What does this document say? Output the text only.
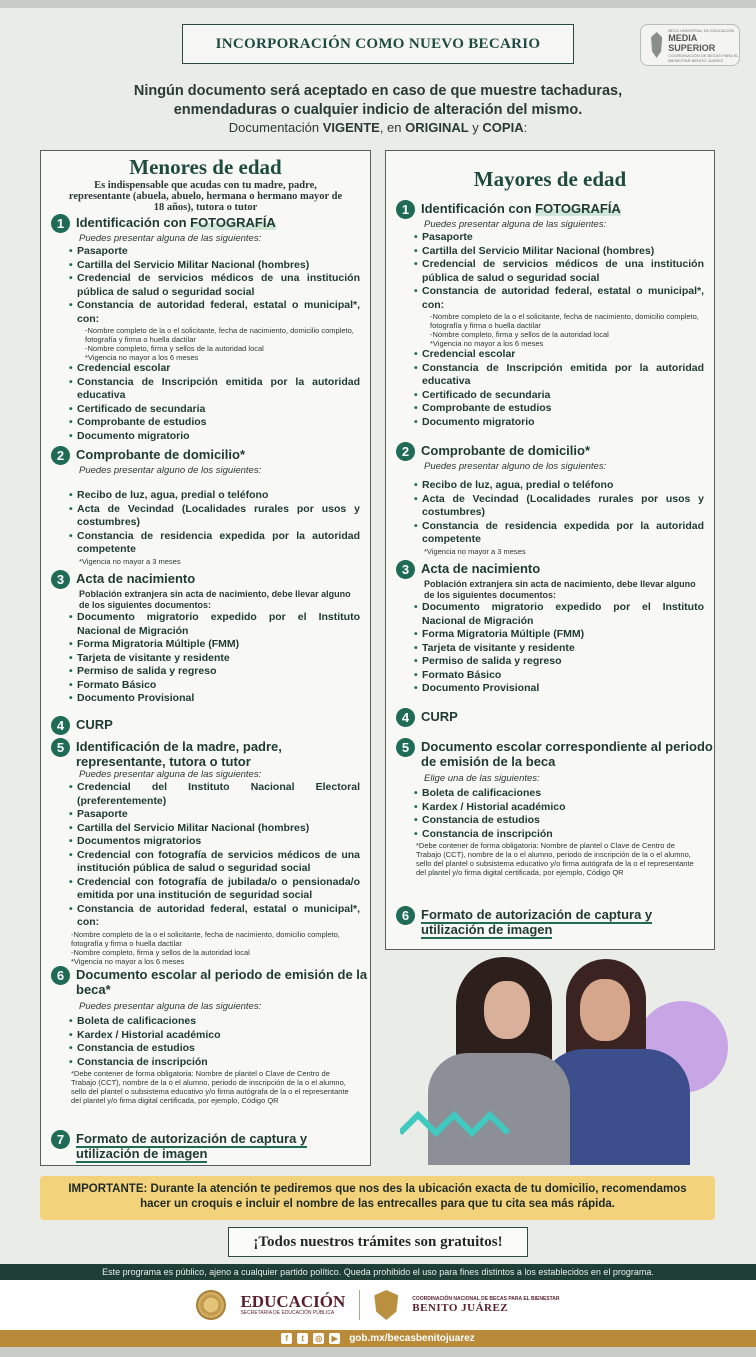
INCORPORACIÓN COMO NUEVO BECARIO
BECA UNIVERSAL DE EDUCACIÓN
MEDIA
SUPERIOR
COORDINACIÓN DE BECAS PARA EL BIENESTAR BENITO JUÁREZ
Ningún documento será aceptado en caso de que muestre tachaduras,
enmendaduras o cualquier indicio de alteración del mismo.
Documentación VIGENTE, en ORIGINAL y COPIA:
Menores de edad
Es indispensable que acudas con tu madre, padre, representante (abuela, abuelo, hermana o hermano mayor de 18 años), tutora o tutor
1 Identificación con FOTOGRAFÍA
Puedes presentar alguna de las siguientes:
• Pasaporte
• Cartilla del Servicio Militar Nacional (hombres)
• Credencial de servicios médicos de una institución pública de salud o seguridad social
• Constancia de autoridad federal, estatal o municipal*, con:
-Nombre completo de la o el solicitante, fecha de nacimiento, domicilio completo, fotografía y firma o huella dactilar
-Nombre completo, firma y sellos de la autoridad local
*Vigencia no mayor a los 6 meses
• Credencial escolar
• Constancia de Inscripción emitida por la autoridad educativa
• Certificado de secundaria
• Comprobante de estudios
• Documento migratorio
2 Comprobante de domicilio*
Puedes presentar alguno de los siguientes:
• Recibo de luz, agua, predial o teléfono
• Acta de Vecindad (Localidades rurales por usos y costumbres)
• Constancia de residencia expedida por la autoridad competente
*Vigencia no mayor a 3 meses
3 Acta de nacimiento
Población extranjera sin acta de nacimiento, debe llevar alguno de los siguientes documentos:
• Documento migratorio expedido por el Instituto Nacional de Migración
• Forma Migratoria Múltiple (FMM)
• Tarjeta de visitante y residente
• Permiso de salida y regreso
• Formato Básico
• Documento Provisional
4 CURP
5 Identificación de la madre, padre, representante, tutora o tutor
Puedes presentar alguna de las siguientes:
• Credencial del Instituto Nacional Electoral (preferentemente)
• Pasaporte
• Cartilla del Servicio Militar Nacional (hombres)
• Documentos migratorios
• Credencial con fotografía de servicios médicos de una institución pública de salud o seguridad social
• Credencial con fotografía de jubilada/o o pensionada/o emitida por una institución de seguridad social
• Constancia de autoridad federal, estatal o municipal*, con:
-Nombre completo de la o el solicitante, fecha de nacimiento, domicilio completo, fotografía y firma o huella dactilar
-Nombre completo, firma y sellos de la autoridad local
*Vigencia no mayor a los 6 meses
6 Documento escolar al periodo de emisión de la beca*
Puedes presentar alguna de las siguientes:
• Boleta de calificaciones
• Kardex / Historial académico
• Constancia de estudios
• Constancia de inscripción
*Debe contener de forma obligatoria: Nombre de plantel o Clave de Centro de Trabajo (CCT), nombre de la o el alumno, periodo de inscripción de la o el alumno, sello del plantel o subsistema educativo y/o firma autógrafa de la o el representante del plantel y/o firma digital certificada, por ejemplo, Código QR
7 Formato de autorización de captura y utilización de imagen
Mayores de edad
1 Identificación con FOTOGRAFÍA
Puedes presentar alguna de las siguientes:
• Pasaporte
• Cartilla del Servicio Militar Nacional (hombres)
• Credencial de servicios médicos de una institución pública de salud o seguridad social
• Constancia de autoridad federal, estatal o municipal*, con:
-Nombre completo de la o el solicitante, fecha de nacimiento, domicilio completo, fotografía y firma o huella dactilar
-Nombre completo, firma y sellos de la autoridad local
*Vigencia no mayor a los 6 meses
• Credencial escolar
• Constancia de Inscripción emitida por la autoridad educativa
• Certificado de secundaria
• Comprobante de estudios
• Documento migratorio
2 Comprobante de domicilio*
Puedes presentar alguno de los siguientes:
• Recibo de luz, agua, predial o teléfono
• Acta de Vecindad (Localidades rurales por usos y costumbres)
• Constancia de residencia expedida por la autoridad competente
*Vigencia no mayor a 3 meses
3 Acta de nacimiento
Población extranjera sin acta de nacimiento, debe llevar alguno de los siguientes documentos:
• Documento migratorio expedido por el Instituto Nacional de Migración
• Forma Migratoria Múltiple (FMM)
• Tarjeta de visitante y residente
• Permiso de salida y regreso
• Formato Básico
• Documento Provisional
4 CURP
5 Documento escolar correspondiente al periodo de emisión de la beca
Elige una de las siguientes:
• Boleta de calificaciones
• Kardex / Historial académico
• Constancia de estudios
• Constancia de inscripción
*Debe contener de forma obligatoria: Nombre de plantel o Clave de Centro de Trabajo (CCT), nombre de la o el alumno, periodo de inscripción de la o el alumno, sello del plantel o subsistema educativo y/o firma autógrafa de la o el representante del plantel y/o firma digital certificada, por ejemplo, Código QR
6 Formato de autorización de captura y utilización de imagen
IMPORTANTE: Durante la atención te pediremos que nos des la ubicación exacta de tu domicilio, recomendamos hacer un croquis e incluir el nombre de las entrecalles para que tu cita sea más rápida.
¡Todos nuestros trámites son gratuitos!
Este programa es público, ajeno a cualquier partido político. Queda prohibido el uso para fines distintos a los establecidos en el programa.
EDUCACIÓN
SECRETARÍA DE EDUCACIÓN PÚBLICA
COORDINACIÓN NACIONAL DE BECAS PARA EL BIENESTAR
BENITO JUÁREZ
f	t	◎	▶ gob.mx/becasbenitojuarez
